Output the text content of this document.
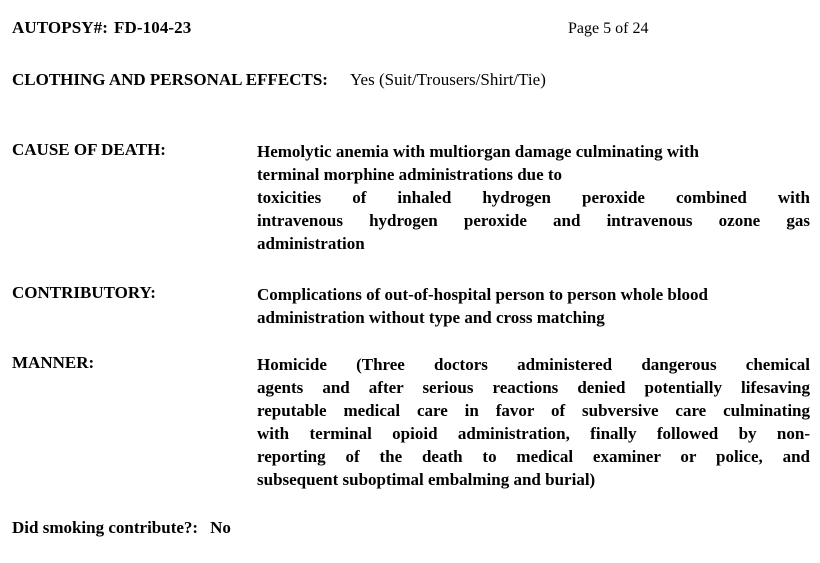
AUTOPSY#: FD-104-23	Page 5 of 24
CLOTHING AND PERSONAL EFFECTS: Yes (Suit/Trousers/Shirt/Tie)
CAUSE OF DEATH:	Hemolytic anemia with multiorgan damage culminating with
terminal morphine administrations due to
toxicities of inhaled hydrogen peroxide combined with
intravenous hydrogen peroxide and intravenous ozone gas
administration
CONTRIBUTORY:	Complications of out-of-hospital person to person whole blood
administration without type and cross matching
MANNER:	Homicide (Three doctors administered dangerous chemical
agents and after serious reactions denied potentially lifesaving
reputable medical care in favor of subversive care culminating
with terminal opioid administration, finally followed by non-
reporting of the death to medical examiner or police, and
subsequent suboptimal embalming and burial)
Did smoking contribute?: No
